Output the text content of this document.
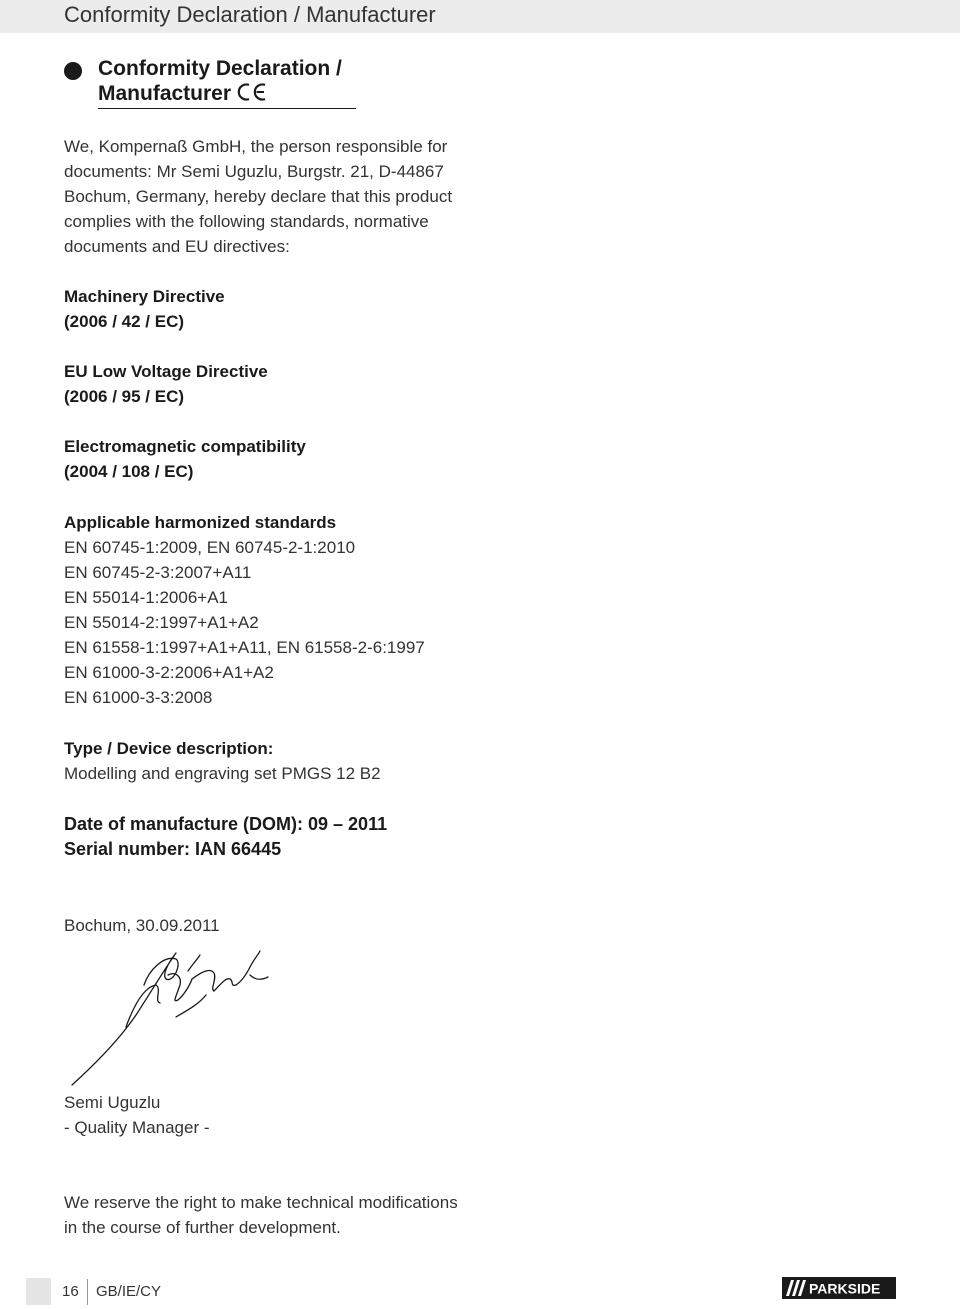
Conformity Declaration / Manufacturer
Conformity Declaration /
Manufacturer
We, Kompernaß GmbH, the person responsible for
documents: Mr Semi Uguzlu, Burgstr. 21, D-44867
Bochum, Germany, hereby declare that this product
complies with the following standards, normative
documents and EU directives:
Machinery Directive
(2006 / 42 / EC)
EU Low Voltage Directive
(2006 / 95 / EC)
Electromagnetic compatibility
(2004 / 108 / EC)
Applicable harmonized standards
EN 60745-1:2009, EN 60745-2-1:2010
EN 60745-2-3:2007+A11
EN 55014-1:2006+A1
EN 55014-2:1997+A1+A2
EN 61558-1:1997+A1+A11, EN 61558-2-6:1997
EN 61000-3-2:2006+A1+A2
EN 61000-3-3:2008
Type / Device description:
Modelling and engraving set PMGS 12 B2
Date of manufacture (DOM): 09 – 2011
Serial number: IAN 66445
Bochum, 30.09.2011
Semi Uguzlu
- Quality Manager -
We reserve the right to make technical modifications
in the course of further development.
16 GB/IE/CY	PARKSIDE
